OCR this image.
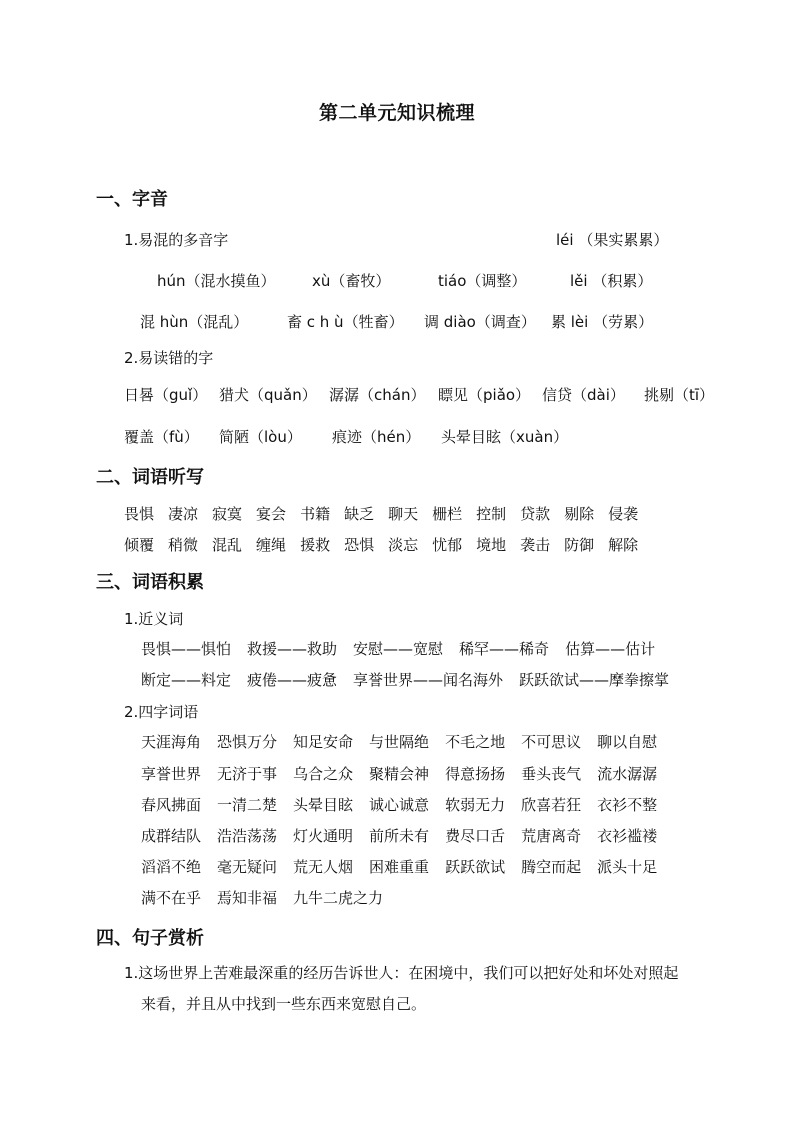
第二单元知识梳理
一、字音
1.易混的多音字	léi （果实累累）
hún（混水摸鱼） xù（畜牧）	tiáo（调整）	lěi （积累）
混 hùn（混乱）	畜 c h ù（牲畜） 调 diào（调查） 累 lèi （劳累）
2.易读错的字
日晷（guǐ） 猎犬（quǎn） 潺潺（chán） 瞟见（piǎo） 信贷（dài） 挑剔（tī）
覆盖（fù） 简陋（lòu） 痕迹（hén） 头晕目眩（xuàn）
二、词语听写
畏惧 凄凉 寂寞 宴会 书籍 缺乏 聊天 栅栏 控制 贷款 剔除 侵袭
倾覆 稍微 混乱 缠绳 援救 恐惧 淡忘 忧郁 境地 袭击 防御 解除
三、词语积累
1.近义词
畏惧——惧怕 救援——救助 安慰——宽慰 稀罕——稀奇 估算——估计
断定——料定 疲倦——疲惫 享誉世界——闻名海外 跃跃欲试——摩拳擦掌
2.四字词语
天涯海角 恐惧万分 知足安命 与世隔绝 不毛之地 不可思议 聊以自慰
享誉世界 无济于事 乌合之众 聚精会神 得意扬扬 垂头丧气 流水潺潺
春风拂面 一清二楚 头晕目眩 诚心诚意 软弱无力 欣喜若狂 衣衫不整
成群结队 浩浩荡荡 灯火通明 前所未有 费尽口舌 荒唐离奇 衣衫褴褛
滔滔不绝 毫无疑问 荒无人烟 困难重重 跃跃欲试 腾空而起 派头十足
满不在乎 焉知非福 九牛二虎之力
四、句子赏析
1.这场世界上苦难最深重的经历告诉世人：在困境中，我们可以把好处和坏处对照起
来看，并且从中找到一些东西来宽慰自己。
